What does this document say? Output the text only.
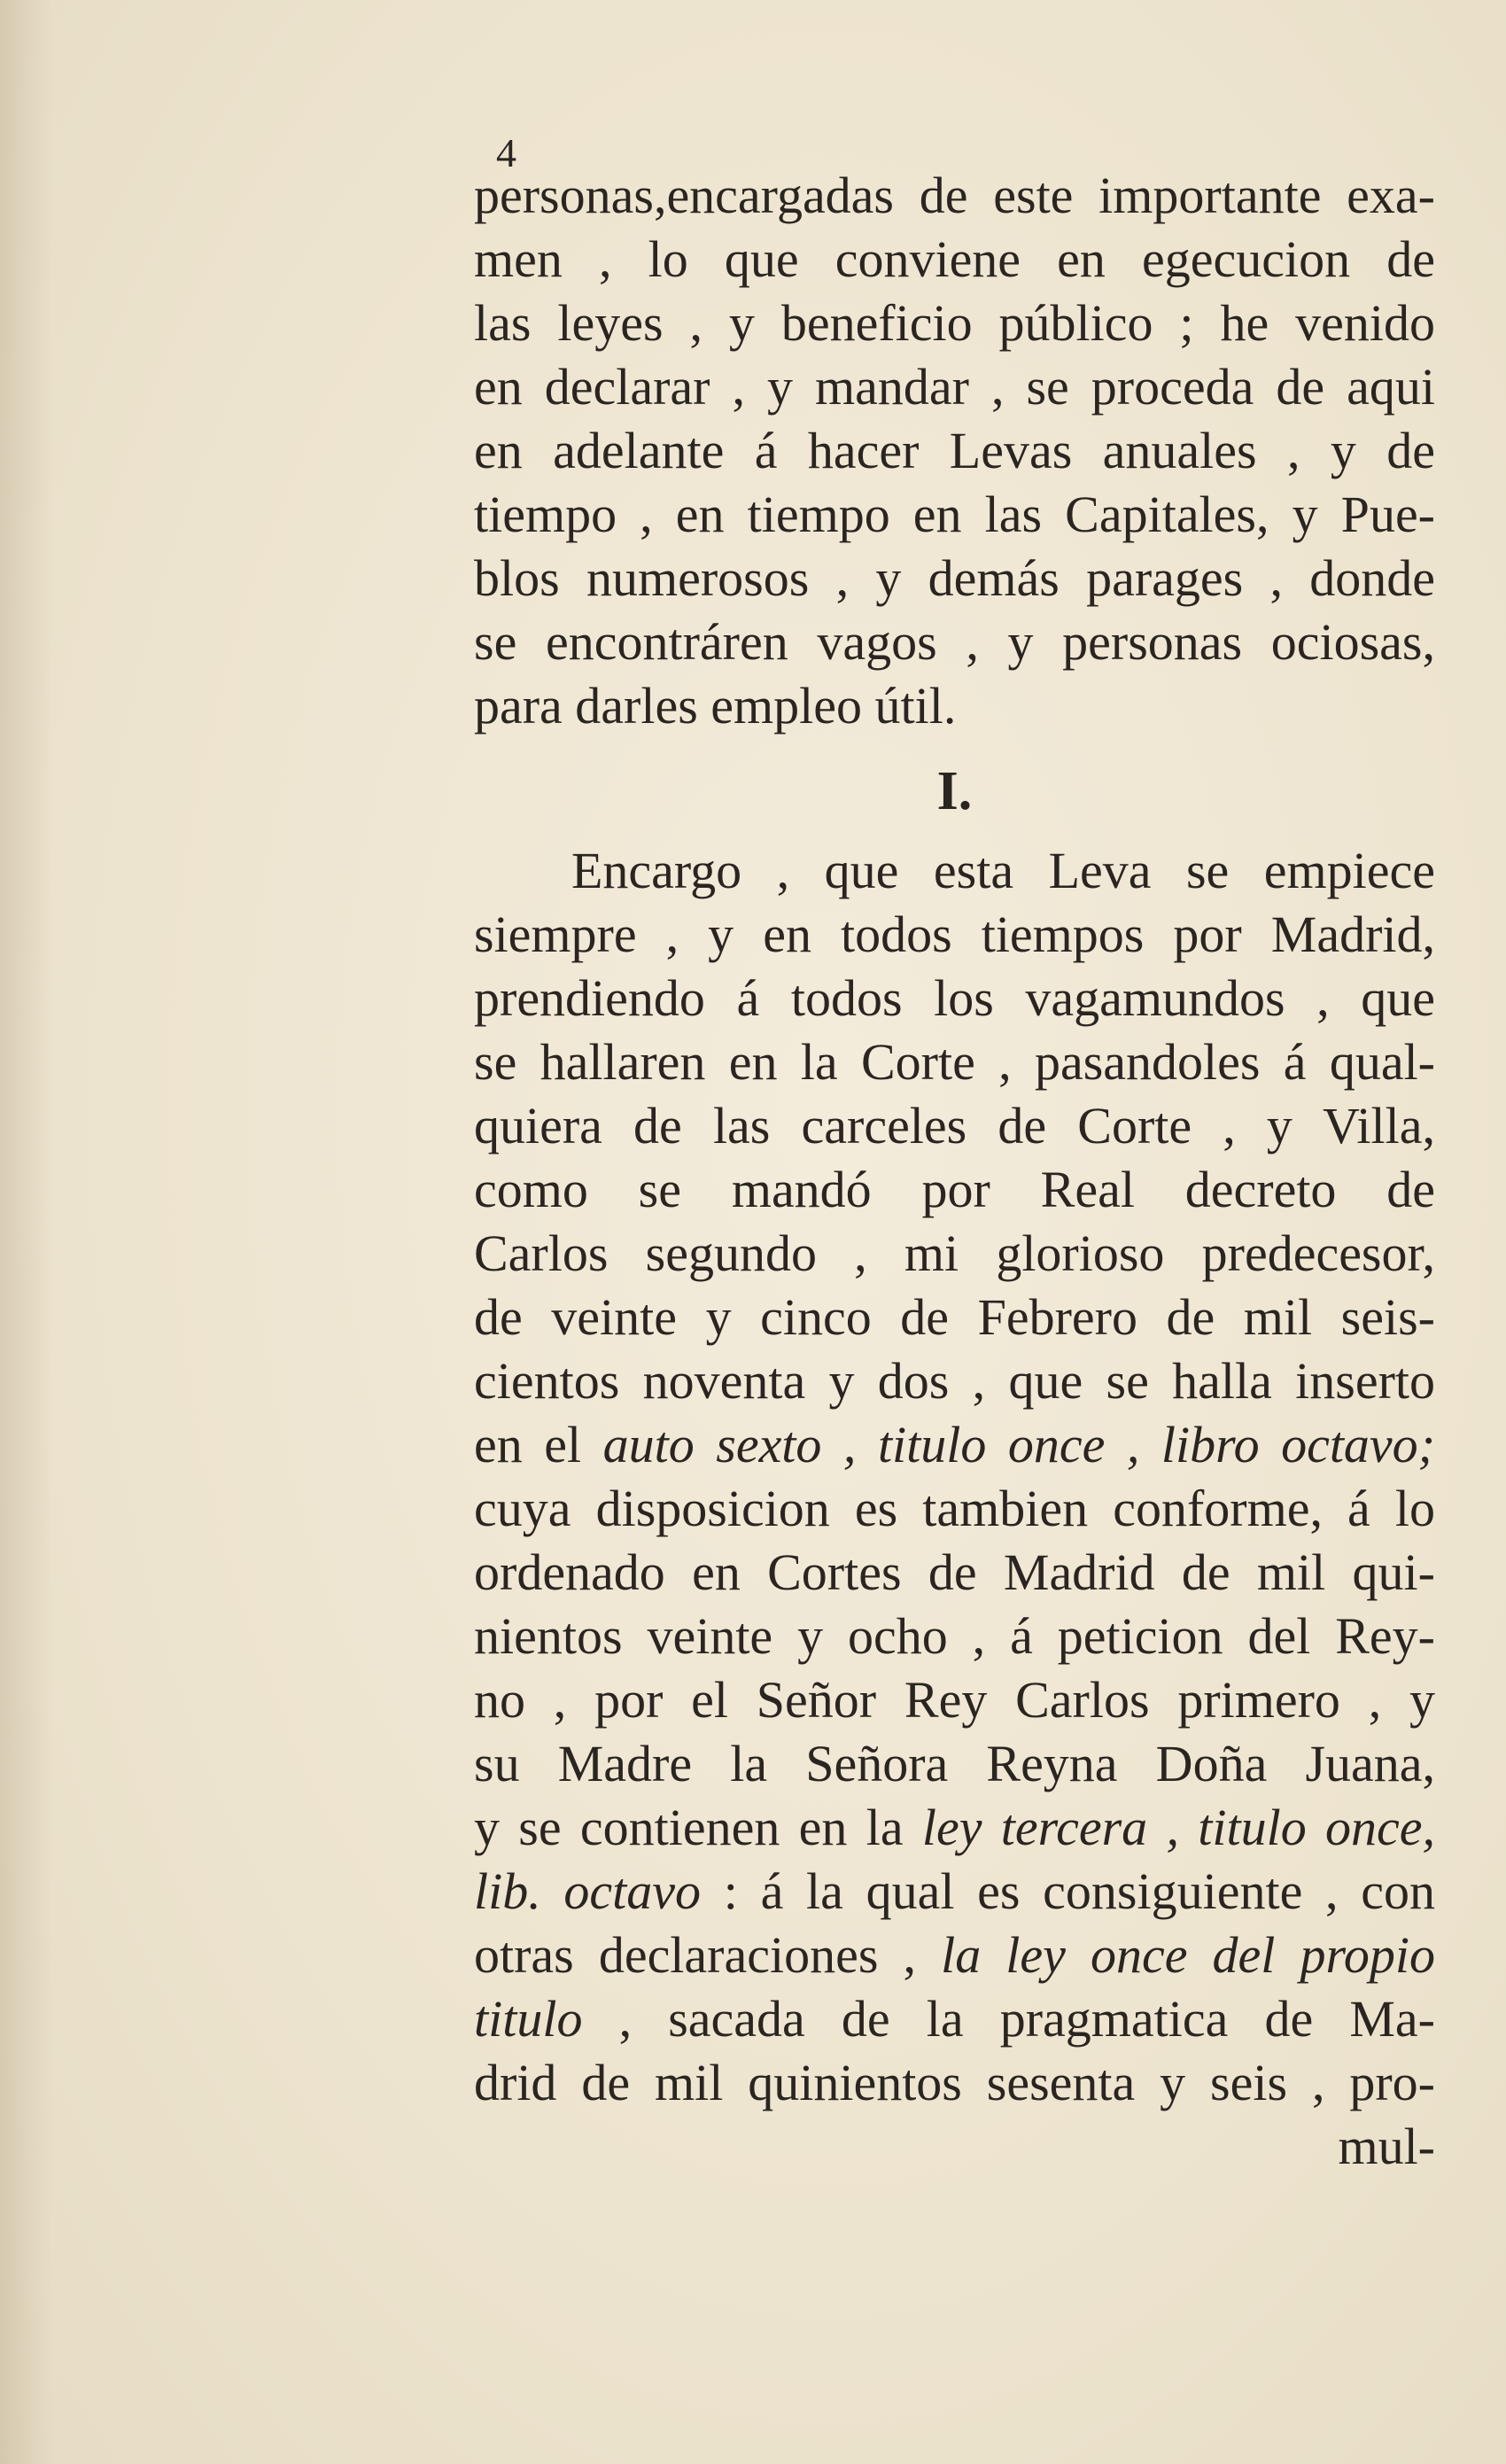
4
personas,encargadas de este importante exa-
men , lo que conviene en egecucion de
las leyes , y beneficio público ; he venido
en declarar , y mandar , se proceda de aqui
en adelante á hacer Levas anuales , y de
tiempo , en tiempo en las Capitales, y Pue-
blos numerosos , y demás parages , donde
se encontráren vagos , y personas ociosas,
para darles empleo útil.
I.
Encargo , que esta Leva se empiece
siempre , y en todos tiempos por Madrid,
prendiendo á todos los vagamundos , que
se hallaren en la Corte , pasandoles á qual-
quiera de las carceles de Corte , y Villa,
como se mandó por Real decreto de
Carlos segundo , mi glorioso predecesor,
de veinte y cinco de Febrero de mil seis-
cientos noventa y dos , que se halla inserto
en el auto sexto , titulo once , libro octavo;
cuya disposicion es tambien conforme, á lo
ordenado en Cortes de Madrid de mil qui-
nientos veinte y ocho , á peticion del Rey-
no , por el Señor Rey Carlos primero , y
su Madre la Señora Reyna Doña Juana,
y se contienen en la ley tercera , titulo once,
lib. octavo : á la qual es consiguiente , con
otras declaraciones , la ley once del propio
titulo , sacada de la pragmatica de Ma-
drid de mil quinientos sesenta y seis , pro-
mul-
